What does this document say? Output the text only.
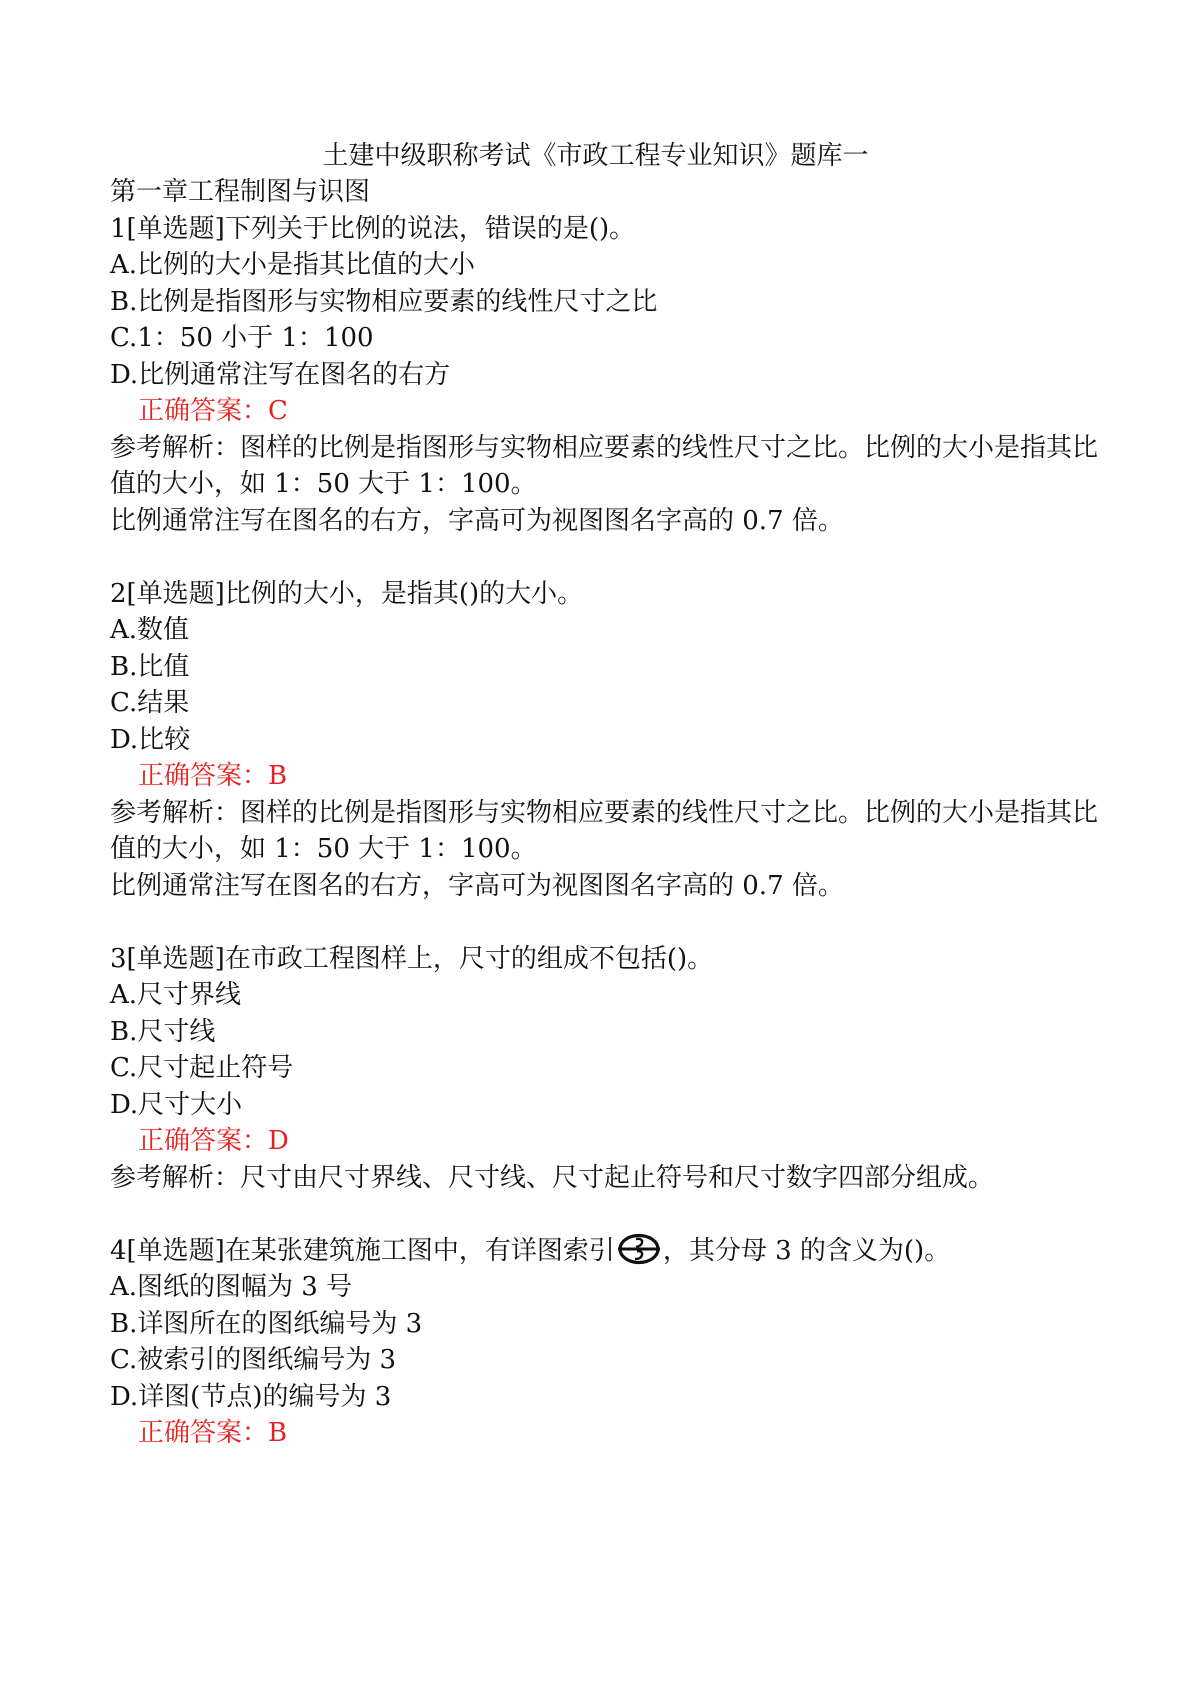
土建中级职称考试《市政工程专业知识》题库一
第一章工程制图与识图
1[单选题]下列关于比例的说法，错误的是()。
A.比例的大小是指其比值的大小
B.比例是指图形与实物相应要素的线性尺寸之比
C.1：50 小于 1：100
D.比例通常注写在图名的右方
正确答案：C
参考解析：图样的比例是指图形与实物相应要素的线性尺寸之比。比例的大小是指其比值的大小，如 1：50 大于 1：100。
比例通常注写在图名的右方，字高可为视图图名字高的 0.7 倍。
2[单选题]比例的大小，是指其()的大小。
A.数值
B.比值
C.结果
D.比较
正确答案：B
参考解析：图样的比例是指图形与实物相应要素的线性尺寸之比。比例的大小是指其比值的大小，如 1：50 大于 1：100。
比例通常注写在图名的右方，字高可为视图图名字高的 0.7 倍。
3[单选题]在市政工程图样上，尺寸的组成不包括()。
A.尺寸界线
B.尺寸线
C.尺寸起止符号
D.尺寸大小
正确答案：D
参考解析：尺寸由尺寸界线、尺寸线、尺寸起止符号和尺寸数字四部分组成。
4[单选题]在某张建筑施工图中，有详图索引 ，其分母 3 的含义为()。
A.图纸的图幅为 3 号
B.详图所在的图纸编号为 3
C.被索引的图纸编号为 3
D.详图(节点)的编号为 3
正确答案：B
